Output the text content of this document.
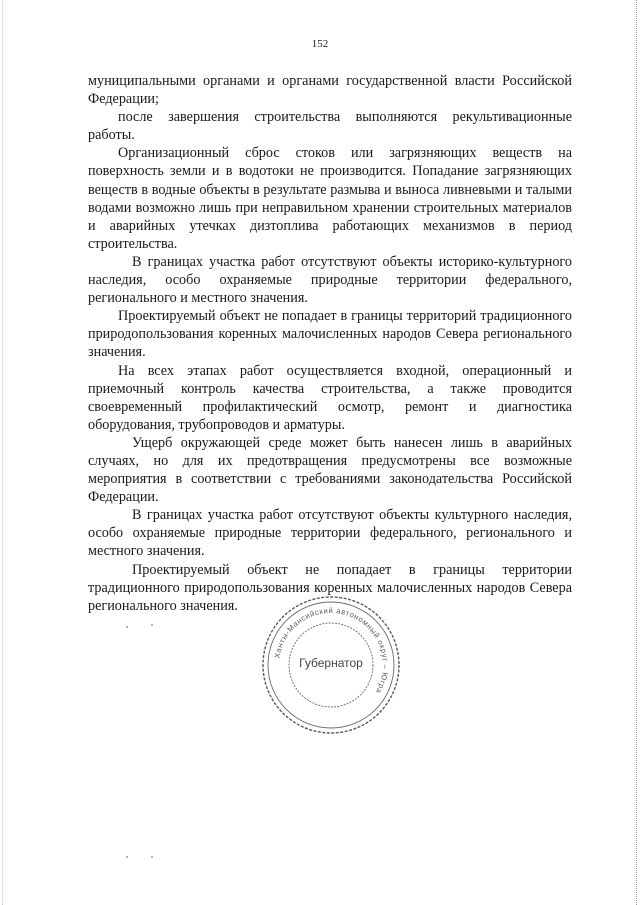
152

муниципальными органами и органами государственной власти Российской Федерации;

после завершения строительства выполняются рекультивационные работы.

Организационный сброс стоков или загрязняющих веществ на поверхность земли и в водотоки не производится. Попадание загрязняющих веществ в водные объекты в результате размыва и выноса ливневыми и талыми водами возможно лишь при неправильном хранении строительных материалов и аварийных утечках дизтоплива работающих механизмов в период строительства.

В границах участка работ отсутствуют объекты историко-культурного наследия, особо охраняемые природные территории федерального, регионального и местного значения.

Проектируемый объект не попадает в границы территорий традиционного природопользования коренных малочисленных народов Севера регионального значения.

На всех этапах работ осуществляется входной, операционный и приемочный контроль качества строительства, а также проводится своевременный профилактический осмотр, ремонт и диагностика оборудования, трубопроводов и арматуры.

Ущерб окружающей среде может быть нанесен лишь в аварийных случаях, но для их предотвращения предусмотрены все возможные мероприятия в соответствии с требованиями законодательства Российской Федерации.

В границах участка работ отсутствуют объекты культурного наследия, особо охраняемые природные территории федерального, регионального и местного значения.

Проектируемый объект не попадает в границы территории традиционного природопользования коренных малочисленных народов Севера регионального значения.

Ханты-Мансийский автономный округ – Югра
Губернатор
